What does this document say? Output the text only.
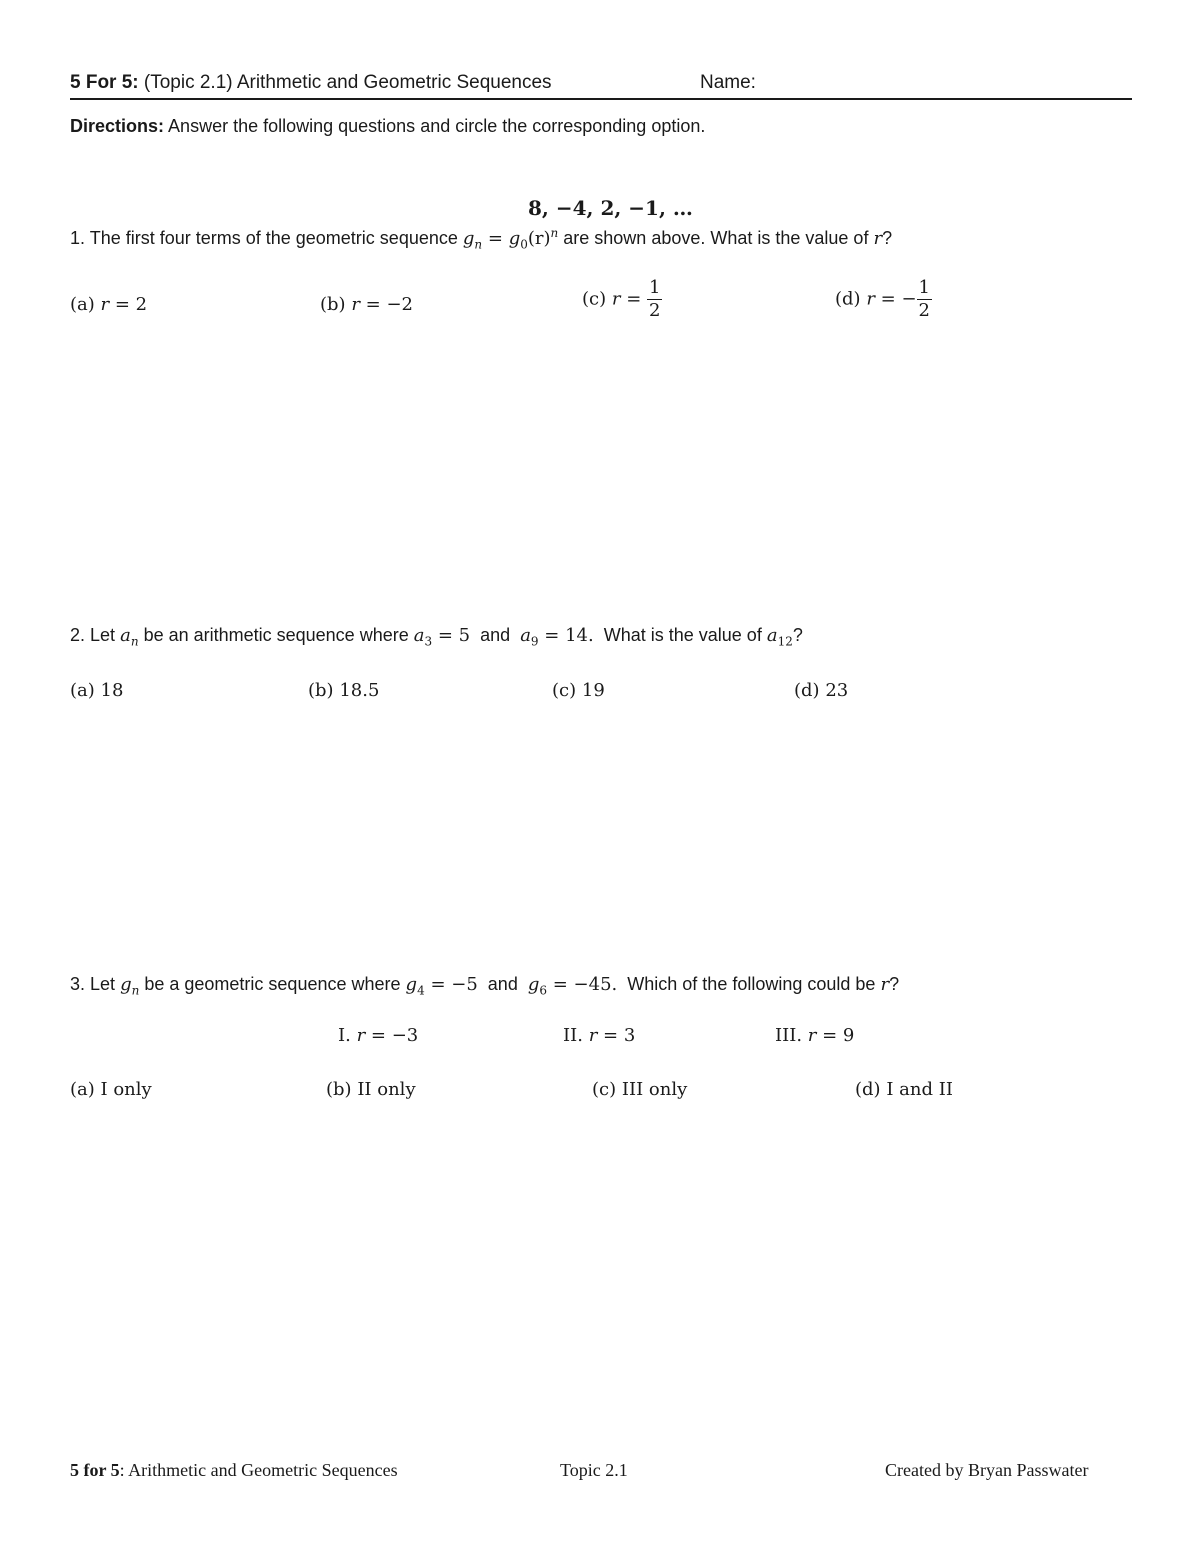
5 For 5: (Topic 2.1) Arithmetic and Geometric Sequences	Name:
Directions: Answer the following questions and circle the corresponding option.
8, −4, 2, −1, …
1. The first four terms of the geometric sequence $g_n = g_0(r)^n$ are shown above. What is the value of r?
(a) r = 2	(b) r = −2	(c) $r = \frac{1}{2}$	(d) r = − $\frac{1}{2}$
2. Let $a_n$ be an arithmetic sequence where $a_3 = 5$ and $a_9 = 14$. What is the value of $a_{12}$?
(a) 18	(b) 18.5	(c) 19	(d) 23
3. Let $g_n$ be a geometric sequence where $g_4 = -5$ and $g_6 = -45$. Which of the following could be r?
I. r = −3	II. r = 3	III. r = 9
(a) I only	(b) II only	(c) III only	(d) I and II
5 for 5: Arithmetic and Geometric Sequences	Topic 2.1	Created by Bryan Passwater
